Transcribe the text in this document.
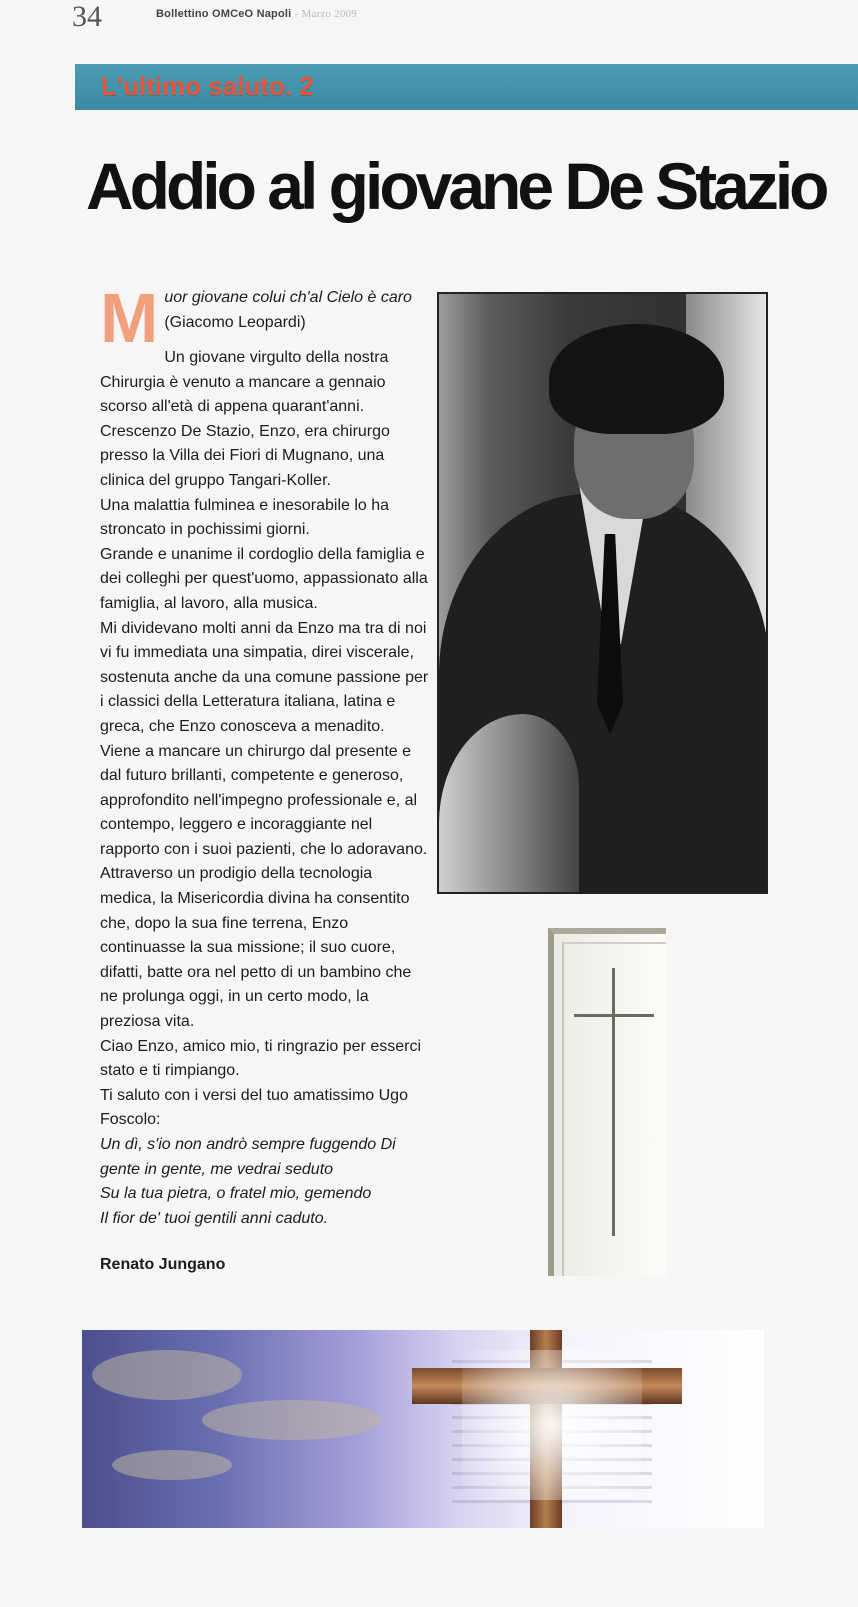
34	Bollettino OMCeO Napoli - Marzo 2009
L'ultimo saluto. 2
Addio al giovane De Stazio
M uor giovane colui ch'al Cielo è caro
(Giacomo Leopardi)

Un giovane virgulto della nostra Chirurgia è venuto a mancare a gennaio scorso all'età di appena quarant'anni.

Crescenzo De Stazio, Enzo, era chirurgo presso la Villa dei Fiori di Mugnano, una clinica del gruppo Tangari-Koller.

Una malattia fulminea e inesorabile lo ha stroncato in pochissimi giorni.

Grande e unanime il cordoglio della famiglia e dei colleghi per quest'uomo, appassionato alla famiglia, al lavoro, alla musica.

Mi dividevano molti anni da Enzo ma tra di noi vi fu immediata una simpatia, direi viscerale, sostenuta anche da una comune passione per i classici della Letteratura italiana, latina e greca, che Enzo conosceva a menadito.

Viene a mancare un chirurgo dal presente e dal futuro brillanti, competente e generoso, approfondito nell'impegno professionale e, al contempo, leggero e incoraggiante nel rapporto con i suoi pazienti, che lo adoravano.

Attraverso un prodigio della tecnologia medica, la Misericordia divina ha consentito che, dopo la sua fine terrena, Enzo continuasse la sua missione; il suo cuore, difatti, batte ora nel petto di un bambino che ne prolunga oggi, in un certo modo, la preziosa vita.

Ciao Enzo, amico mio, ti ringrazio per esserci stato e ti rimpiango.

Ti saluto con i versi del tuo amatissimo Ugo Foscolo:

Un dì, s'io non andrò sempre fuggendo Di gente in gente, me vedrai seduto

Su la tua pietra, o fratel mio, gemendo

Il fior de' tuoi gentili anni caduto.

Renato Jungano
